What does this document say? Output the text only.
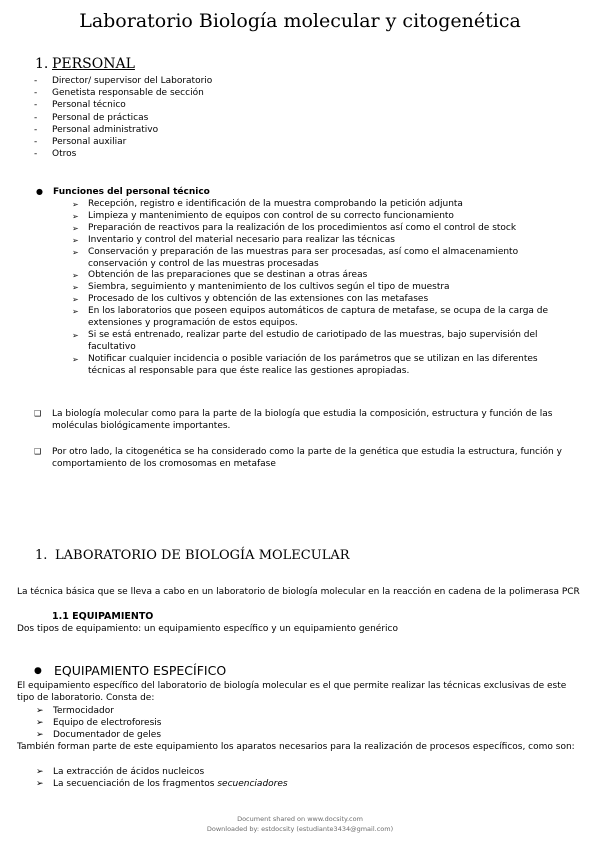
Laboratorio Biología molecular y citogenética
1. PERSONAL
- Director/ supervisor del Laboratorio
- Genetista responsable de sección
- Personal técnico
- Personal de prácticas
- Personal administrativo
- Personal auxiliar
- Otros
● Funciones del personal técnico
➢ Recepción, registro e identificación de la muestra comprobando la petición adjunta
➢ Limpieza y mantenimiento de equipos con control de su correcto funcionamiento
➢ Preparación de reactivos para la realización de los procedimientos así como el control de stock
➢ Inventario y control del material necesario para realizar las técnicas
➢ Conservación y preparación de las muestras para ser procesadas, así como el almacenamiento conservación y control de las muestras procesadas
➢ Obtención de las preparaciones que se destinan a otras áreas
➢ Siembra, seguimiento y mantenimiento de los cultivos según el tipo de muestra
➢ Procesado de los cultivos y obtención de las extensiones con las metafases
➢ En los laboratorios que poseen equipos automáticos de captura de metafase, se ocupa de la carga de extensiones y programación de estos equipos.
➢ Si se está entrenado, realizar parte del estudio de cariotipado de las muestras, bajo supervisión del facultativo
➢ Notificar cualquier incidencia o posible variación de los parámetros que se utilizan en las diferentes técnicas al responsable para que éste realice las gestiones apropiadas.
❑	La biología molecular como para la parte de la biología que estudia la composición, estructura y función de las moléculas biológicamente importantes.
❑	Por otro lado, la citogenética se ha considerado como la parte de la genética que estudia la estructura, función y comportamiento de los cromosomas en metafase
1. LABORATORIO DE BIOLOGÍA MOLECULAR
La técnica básica que se lleva a cabo en un laboratorio de biología molecular en la reacción en cadena de la polimerasa PCR
1.1 EQUIPAMIENTO
Dos tipos de equipamiento: un equipamiento específico y un equipamiento genérico
● EQUIPAMIENTO ESPECÍFICO
El equipamiento específico del laboratorio de biología molecular es el que permite realizar las técnicas exclusivas de este tipo de laboratorio. Consta de:
➢ Termocidador
➢ Equipo de electroforesis
➢ Documentador de geles
También forman parte de este equipamiento los aparatos necesarios para la realización de procesos específicos, como son:
➢ La extracción de ácidos nucleicos
➢ La secuenciación de los fragmentos secuenciadores
Document shared on www.docsity.com
Downloaded by: estdocsity (estudiante3434@gmail.com)
